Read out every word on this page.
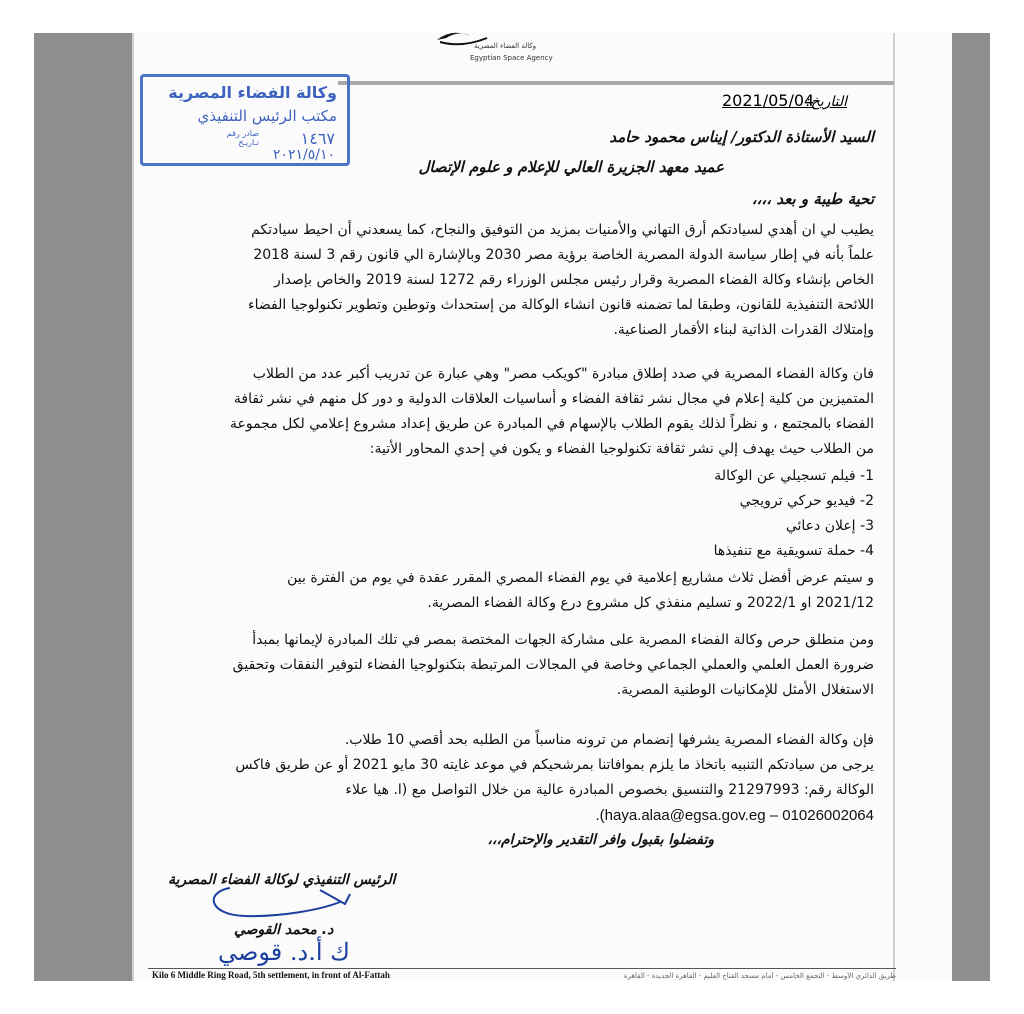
وكالة الفضاء المصرية
Egyptian Space Agency
وكالة الفضاء المصرية
مكتب الرئيس التنفيذي
صادر رقم
تـاريـخ	١٤٦٧
٢٠٢١/٥/١٠
التاريخ:
2021/05/04
السيد الأستاذة الدكتور/ إيناس محمود حامد
عميد معهد الجزيرة العالي للإعلام و علوم الإتصال
تحية طيبة و بعد ،،،،

يطيب لي ان أهدي لسيادتكم أرق التهاني والأمنيات بمزيد من التوفيق والنجاح، كما يسعدني أن احيط سيادتكم

علماً بأنه في إطار سياسة الدولة المصرية الخاصة برؤية مصر 2030 وبالإشارة الي قانون رقم 3 لسنة 2018

الخاص بإنشاء وكالة الفضاء المصرية وقرار رئيس مجلس الوزراء رقم 1272 لسنة 2019 والخاص بإصدار

اللائحة التنفيذية للقانون، وطبقا لما تضمنه قانون انشاء الوكالة من إستحداث وتوطين وتطوير تكنولوجيا الفضاء

وإمتلاك القدرات الذاتية لبناء الأقمار الصناعية.

فان وكالة الفضاء المصرية في صدد إطلاق مبادرة "كويكب مصر" وهي عبارة عن تدريب أكبر عدد من الطلاب

المتميزين من كلية إعلام في مجال نشر ثقافة الفضاء و أساسيات العلاقات الدولية و دور كل منهم في نشر ثقافة

الفضاء بالمجتمع ، و نظراً لذلك يقوم الطلاب بالإسهام في المبادرة عن طريق إعداد مشروع إعلامي لكل مجموعة

من الطلاب حيث يهدف إلي نشر ثقافة تكنولوجيا الفضاء و يكون في إحدي المحاور الأتية:

1- فيلم تسجيلي عن الوكالة

2- فيديو حركي ترويجي

3- إعلان دعائي

4- حملة تسويقية مع تنفيذها

و سيتم عرض أفضل ثلاث مشاريع إعلامية في يوم الفضاء المصري المقرر عقدة في يوم من الفترة بين

2021/12 او 2022/1 و تسليم منفذي كل مشروع درع وكالة الفضاء المصرية.

ومن منطلق حرص وكالة الفضاء المصرية على مشاركة الجهات المختصة بمصر في تلك المبادرة لإيمانها بمبدأ

ضرورة العمل العلمي والعملي الجماعي وخاصة في المجالات المرتبطة بتكنولوجيا الفضاء لتوفير النفقات وتحقيق

الاستغلال الأمثل للإمكانيات الوطنية المصرية.

فإن وكالة الفضاء المصرية يشرفها إنضمام من ترونه مناسباً من الطلبه بحد أقصي 10 طلاب.

يرجى من سيادتكم التنبيه باتخاذ ما يلزم بموافاتنا بمرشحيكم في موعد غايته 30 مايو 2021 أو عن طريق فاكس

الوكالة رقم: 21297993 والتنسيق بخصوص المبادرة عالية من خلال التواصل مع (ا. هيا علاء

.(haya.alaa@egsa.gov.eg – 01026002064

وتفضلوا بقبول وافر التقدير والإحترام،،،
الرئيس التنفيذي لوكالة الفضاء المصرية
د. محمد القوصي
ك أ.د. قوصي
Kilo 6 Middle Ring Road, 5th settlement, in front of Al-Fattah	طريق الدائري الأوسط - التجمع الخامس - أمام مسجد الفتاح العليم - القاهرة الجديدة - القاهرة
